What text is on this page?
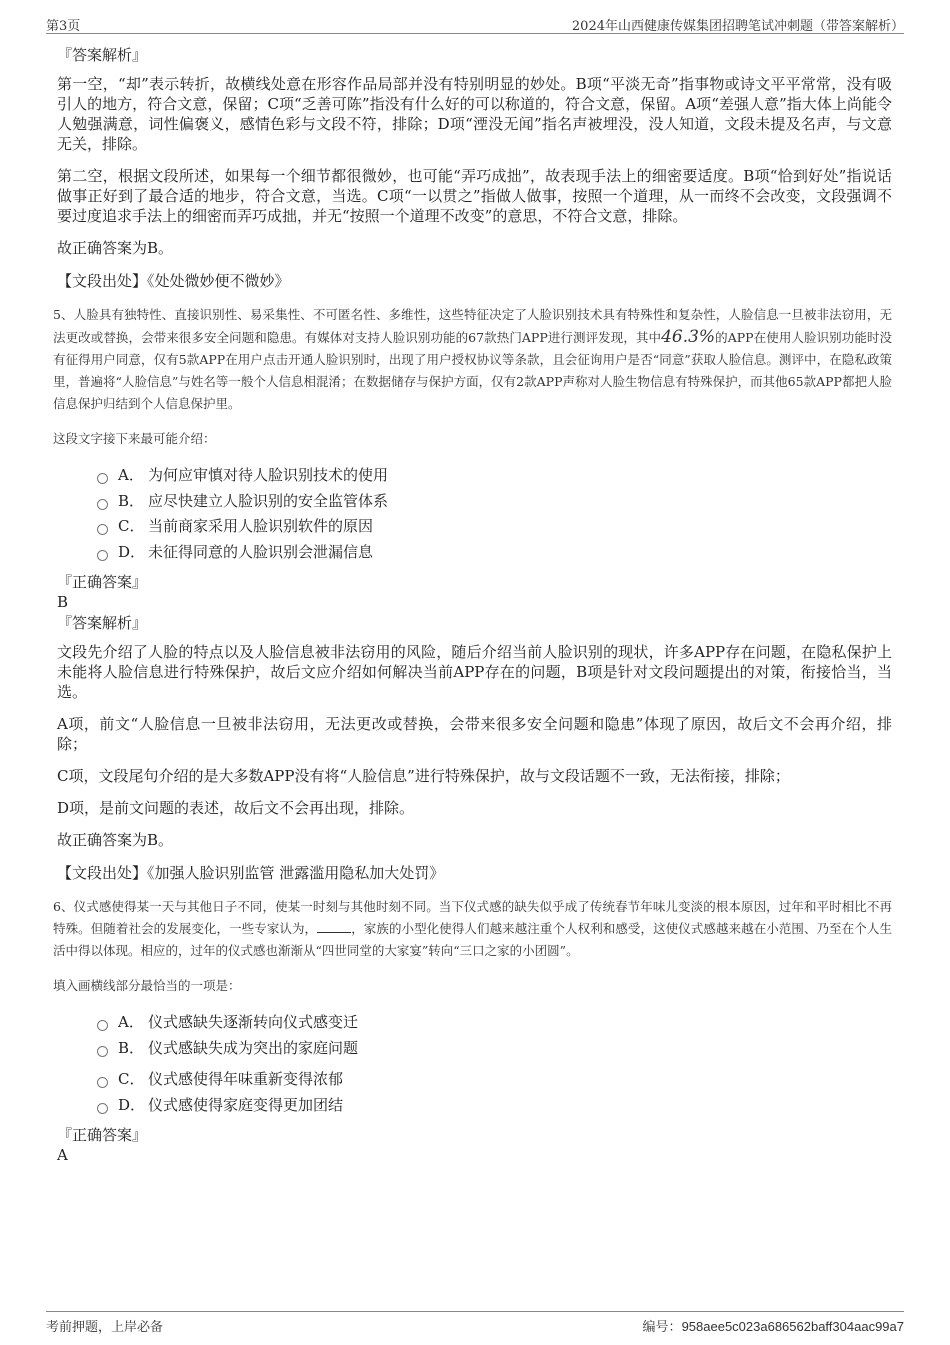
第3页	2024年山西健康传媒集团招聘笔试冲刺题（带答案解析）
『答案解析』

第一空，“却”表示转折，故横线处意在形容作品局部并没有特别明显的妙处。B项“平淡无奇”指事物或诗文平平常常，没有吸引人的地方，符合文意，保留；C项“乏善可陈”指没有什么好的可以称道的，符合文意，保留。A项“差强人意”指大体上尚能令人勉强满意，词性偏褒义，感情色彩与文段不符，排除；D项“湮没无闻”指名声被埋没，没人知道，文段未提及名声，与文意无关，排除。

第二空，根据文段所述，如果每一个细节都很微妙，也可能“弄巧成拙”，故表现手法上的细密要适度。B项“恰到好处”指说话做事正好到了最合适的地步，符合文意，当选。C项“一以贯之”指做人做事，按照一个道理，从一而终不会改变，文段强调不要过度追求手法上的细密而弄巧成拙，并无“按照一个道理不改变”的意思，不符合文意，排除。

故正确答案为B。

【文段出处】《处处微妙便不微妙》

5、人脸具有独特性、直接识别性、易采集性、不可匿名性、多维性，这些特征决定了人脸识别技术具有特殊性和复杂性，人脸信息一旦被非法窃用，无法更改或替换，会带来很多安全问题和隐患。有媒体对支持人脸识别功能的67款热门APP进行测评发现，其中46.3%的APP在使用人脸识别功能时没有征得用户同意，仅有5款APP在用户点击开通人脸识别时，出现了用户授权协议等条款，且会征询用户是否“同意”获取人脸信息。测评中，在隐私政策里，普遍将“人脸信息”与姓名等一般个人信息相混淆；在数据储存与保护方面，仅有2款APP声称对人脸生物信息有特殊保护，而其他65款APP都把人脸信息保护归结到个人信息保护里。

这段文字接下来最可能介绍：

A． 为何应审慎对待人脸识别技术的使用
B． 应尽快建立人脸识别的安全监管体系
C． 当前商家采用人脸识别软件的原因
D． 未征得同意的人脸识别会泄漏信息
『正确答案』
B
『答案解析』

文段先介绍了人脸的特点以及人脸信息被非法窃用的风险，随后介绍当前人脸识别的现状，许多APP存在问题，在隐私保护上未能将人脸信息进行特殊保护，故后文应介绍如何解决当前APP存在的问题，B项是针对文段问题提出的对策，衔接恰当，当选。

A项，前文“人脸信息一旦被非法窃用，无法更改或替换，会带来很多安全问题和隐患”体现了原因，故后文不会再介绍，排除；

C项，文段尾句介绍的是大多数APP没有将“人脸信息”进行特殊保护，故与文段话题不一致，无法衔接，排除；

D项，是前文问题的表述，故后文不会再出现，排除。

故正确答案为B。

【文段出处】《加强人脸识别监管 泄露滥用隐私加大处罚》

6、仪式感使得某一天与其他日子不同，使某一时刻与其他时刻不同。当下仪式感的缺失似乎成了传统春节年味儿变淡的根本原因，过年和平时相比不再特殊。但随着社会的发展变化，一些专家认为，	，家族的小型化使得人们越来越注重个人权利和感受，这使仪式感越来越在小范围、乃至在个人生活中得以体现。相应的，过年的仪式感也渐渐从“四世同堂的大家宴”转向“三口之家的小团圆”。

填入画横线部分最恰当的一项是：

A． 仪式感缺失逐渐转向仪式感变迁
B． 仪式感缺失成为突出的家庭问题
C． 仪式感使得年味重新变得浓郁
D． 仪式感使得家庭变得更加团结
『正确答案』
A
考前押题，上岸必备	编号：958aee5c023a686562baff304aac99a7
